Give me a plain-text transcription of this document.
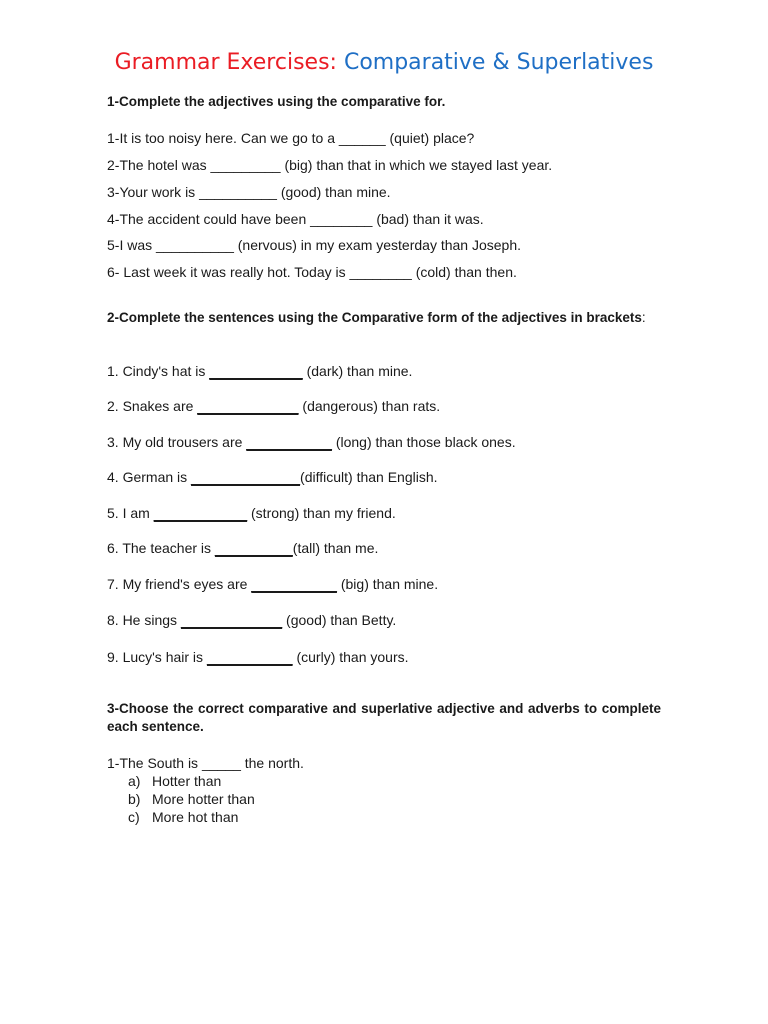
Grammar Exercises: Comparative & Superlatives
1-Complete the adjectives using the comparative for.
1-It is too noisy here. Can we go to a ______ (quiet) place?
2-The hotel was _________ (big) than that in which we stayed last year.
3-Your work is __________ (good) than mine.
4-The accident could have been ________ (bad) than it was.
5-I was __________ (nervous) in my exam yesterday than Joseph.
6- Last week it was really hot. Today is ________ (cold) than then.
2-Complete the sentences using the Comparative form of the adjectives in brackets:
1. Cindy's hat is ____________ (dark) than mine.
2. Snakes are _____________ (dangerous) than rats.
3. My old trousers are ___________ (long) than those black ones.
4. German is ______________(difficult) than English.
5. I am ____________ (strong) than my friend.
6. The teacher is __________(tall) than me.
7. My friend's eyes are ___________ (big) than mine.
8. He sings _____________ (good) than Betty.
9. Lucy's hair is ___________ (curly) than yours.
3-Choose the correct comparative and superlative adjective and adverbs to complete each sentence.
1-The South is _____ the north.
a) Hotter than
b) More hotter than
c) More hot than
